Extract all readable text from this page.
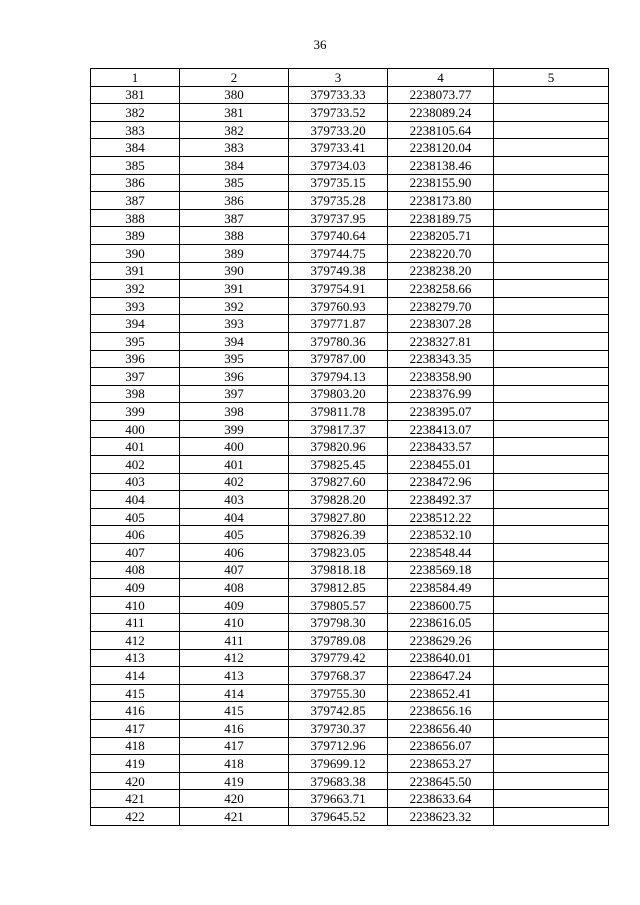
36
1	2	3	4	5
381	380	379733.33	2238073.77	
382	381	379733.52	2238089.24	
383	382	379733.20	2238105.64	
384	383	379733.41	2238120.04	
385	384	379734.03	2238138.46	
386	385	379735.15	2238155.90	
387	386	379735.28	2238173.80	
388	387	379737.95	2238189.75	
389	388	379740.64	2238205.71	
390	389	379744.75	2238220.70	
391	390	379749.38	2238238.20	
392	391	379754.91	2238258.66	
393	392	379760.93	2238279.70	
394	393	379771.87	2238307.28	
395	394	379780.36	2238327.81	
396	395	379787.00	2238343.35	
397	396	379794.13	2238358.90	
398	397	379803.20	2238376.99	
399	398	379811.78	2238395.07	
400	399	379817.37	2238413.07	
401	400	379820.96	2238433.57	
402	401	379825.45	2238455.01	
403	402	379827.60	2238472.96	
404	403	379828.20	2238492.37	
405	404	379827.80	2238512.22	
406	405	379826.39	2238532.10	
407	406	379823.05	2238548.44	
408	407	379818.18	2238569.18	
409	408	379812.85	2238584.49	
410	409	379805.57	2238600.75	
411	410	379798.30	2238616.05	
412	411	379789.08	2238629.26	
413	412	379779.42	2238640.01	
414	413	379768.37	2238647.24	
415	414	379755.30	2238652.41	
416	415	379742.85	2238656.16	
417	416	379730.37	2238656.40	
418	417	379712.96	2238656.07	
419	418	379699.12	2238653.27	
420	419	379683.38	2238645.50	
421	420	379663.71	2238633.64	
422	421	379645.52	2238623.32	
